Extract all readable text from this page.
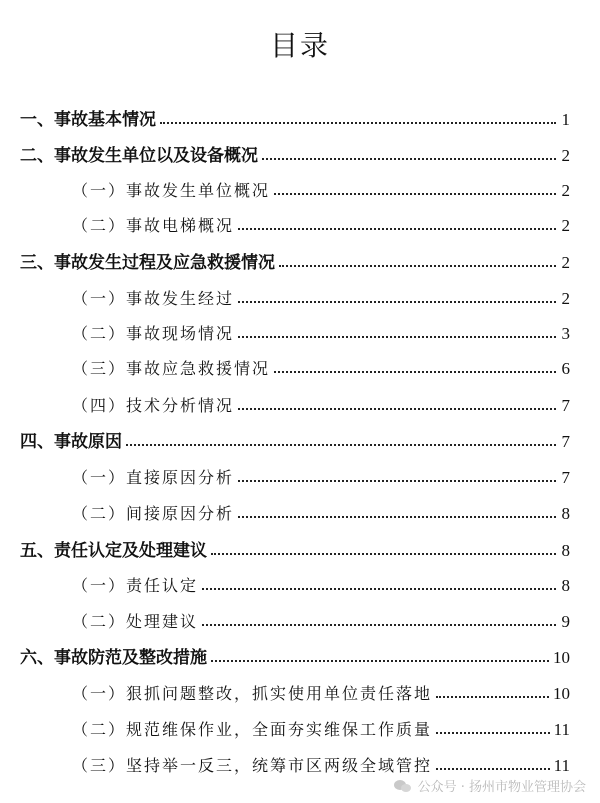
目录
一、事故基本情况	1
二、事故发生单位以及设备概况	2
（一）事故发生单位概况	2
（二）事故电梯概况	2
三、事故发生过程及应急救援情况	2
（一）事故发生经过	2
（二）事故现场情况	3
（三）事故应急救援情况	6
（四）技术分析情况	7
四、事故原因	7
（一）直接原因分析	7
（二）间接原因分析	8
五、责任认定及处理建议	8
（一）责任认定	8
（二）处理建议	9
六、事故防范及整改措施	10
（一）狠抓问题整改，抓实使用单位责任落地	10
（二）规范维保作业，全面夯实维保工作质量	11
（三）坚持举一反三，统筹市区两级全域管控	11
公众号 · 扬州市物业管理协会
